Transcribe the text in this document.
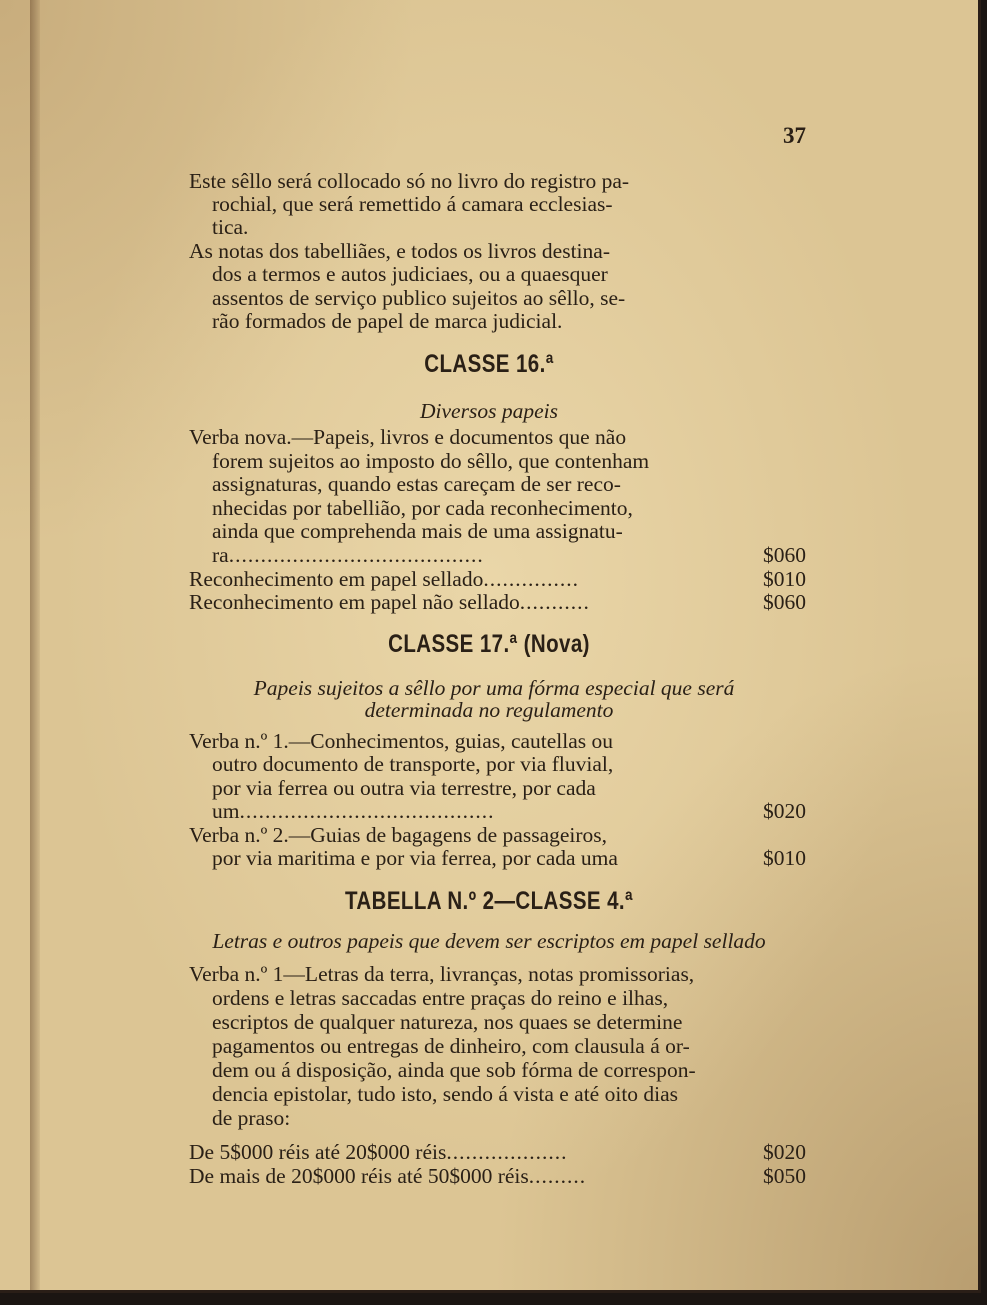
37
Este sêllo será collocado só no livro do registro pa-
rochial, que será remettido á camara ecclesias-
tica.
As notas dos tabelliães, e todos os livros destina-
dos a termos e autos judiciaes, ou a quaesquer
assentos de serviço publico sujeitos ao sêllo, se-
rão formados de papel de marca judicial.
CLASSE 16.ª
Diversos papeis
Verba nova.—Papeis, livros e documentos que não
forem sujeitos ao imposto do sêllo, que contenham
assignaturas, quando estas careçam de ser reco-
nhecidas por tabellião, por cada reconhecimento,
ainda que comprehenda mais de uma assignatu-
ra........................................	$060
Reconhecimento em papel sellado...............	$010
Reconhecimento em papel não sellado...........	$060
CLASSE 17.ª (Nova)
Papeis sujeitos a sêllo por uma fórma especial que será
determinada no regulamento
Verba n.º 1.—Conhecimentos, guias, cautellas ou
outro documento de transporte, por via fluvial,
por via ferrea ou outra via terrestre, por cada
um........................................	$020
Verba n.º 2.—Guias de bagagens de passageiros,
por via maritima e por via ferrea, por cada uma	$010
TABELLA N.º 2—CLASSE 4.ª
Letras e outros papeis que devem ser escriptos em papel sellado
Verba n.º 1—Letras da terra, livranças, notas promissorias,
ordens e letras saccadas entre praças do reino e ilhas,
escriptos de qualquer natureza, nos quaes se determine
pagamentos ou entregas de dinheiro, com clausula á or-
dem ou á disposição, ainda que sob fórma de correspon-
dencia epistolar, tudo isto, sendo á vista e até oito dias
de praso:
De 5$000 réis até 20$000 réis...................	$020
De mais de 20$000 réis até 50$000 réis.........	$050
